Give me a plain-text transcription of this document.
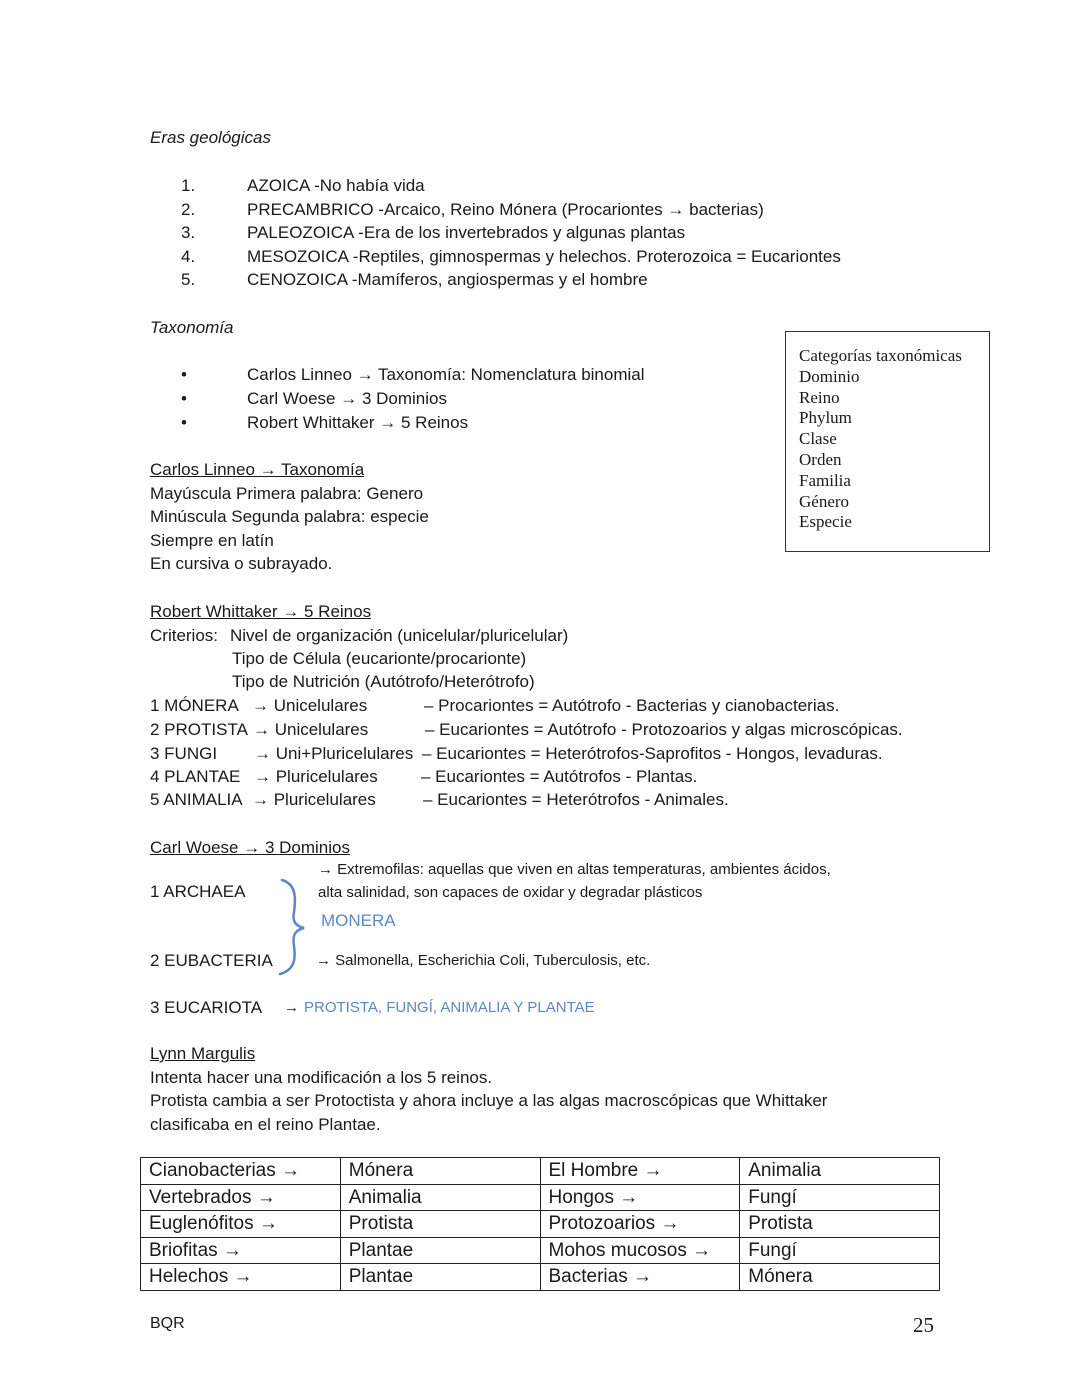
Eras geológicas
1.	AZOICA -No había vida
2.	PRECAMBRICO -Arcaico, Reino Mónera (Procariontes → bacterias)
3.	PALEOZOICA -Era de los invertebrados y algunas plantas
4.	MESOZOICA -Reptiles, gimnospermas y helechos. Proterozoica = Eucariontes
5.	CENOZOICA -Mamíferos, angiospermas y el hombre
Taxonomía
•	Carlos Linneo → Taxonomía: Nomenclatura binomial
•	Carl Woese → 3 Dominios
•	Robert Whittaker → 5 Reinos
Categorías taxonómicas
Dominio
Reino
Phylum
Clase
Orden
Familia
Género
Especie
Carlos Linneo → Taxonomía
Mayúscula Primera palabra: Genero
Minúscula Segunda palabra: especie
Siempre en latín
En cursiva o subrayado.
Robert Whittaker → 5 Reinos
Criterios: Nivel de organización (unicelular/pluricelular)
Tipo de Célula (eucarionte/procarionte)
Tipo de Nutrición (Autótrofo/Heterótrofo)
1 MÓNERA → Unicelulares	– Procariontes = Autótrofo - Bacterias y cianobacterias.
2 PROTISTA → Unicelulares	– Eucariontes = Autótrofo - Protozoarios y algas microscópicas.
3 FUNGI → Uni+Pluricelulares – Eucariontes = Heterótrofos-Saprofitos - Hongos, levaduras.
4 PLANTAE → Pluricelulares	– Eucariontes = Autótrofos - Plantas.
5 ANIMALIA → Pluricelulares	– Eucariontes = Heterótrofos - Animales.
Carl Woese → 3 Dominios
→ Extremofilas: aquellas que viven en altas temperaturas, ambientes ácidos,
alta salinidad, son capaces de oxidar y degradar plásticos
1 ARCHAEA
MONERA
2 EUBACTERIA	→ Salmonella, Escherichia Coli, Tuberculosis, etc.
3 EUCARIOTA → PROTISTA, FUNGÍ, ANIMALIA Y PLANTAE
Lynn Margulis
Intenta hacer una modificación a los 5 reinos.
Protista cambia a ser Protoctista y ahora incluye a las algas macroscópicas que Whittaker
clasificaba en el reino Plantae.
Cianobacterias →	Mónera	El Hombre →	Animalia
Vertebrados →	Animalia	Hongos →	Fungí
Euglenófitos →	Protista	Protozoarios →	Protista
Briofitas →	Plantae	Mohos mucosos →	Fungí
Helechos →	Plantae	Bacterias →	Mónera
BQR	25
